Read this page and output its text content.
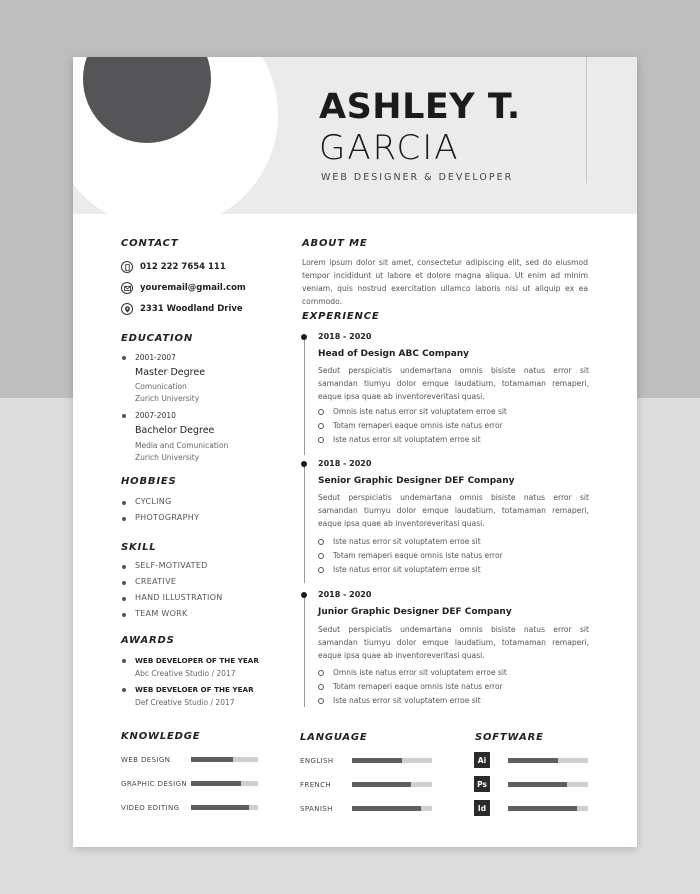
ASHLEY T.
GARCIA
WEB DESIGNER & DEVELOPER
CONTACT
012 222 7654 111
youremail@gmail.com
2331 Woodland Drive
EDUCATION
2001-2007
Master Degree
Comunication
Zurich University
2007-2010
Bachelor Degree
Media and Comunication
Zurich University
HOBBIES
CYCLING
PHOTOGRAPHY
SKILL
SELF-MOTIVATED
CREATIVE
HAND ILLUSTRATION
TEAM WORK
AWARDS
WEB DEVELOPER OF THE YEAR
Abc Creative Studio / 2017
WEB DEVELOER OF THE YEAR
Def Creative Studio / 2017
ABOUT ME
Lorem ipsum dolor sit amet, consectetur adipiscing elit, sed do eiusmod tempor incididunt ut labore et dolore magna aliqua. Ut enim ad minim veniam, quis nostrud exercitation ullamco laboris nisi ut aliquip ex ea commodo.
EXPERIENCE
2018 - 2020
Head of Design ABC Company
Sedut perspiciatis undemartana omnis bisiste natus error sit samandan tiumyu dolor emque laudatium, totamaman remaperi, eaque ipsa quae ab inventoreveritasi quasi.
Omnis iste natus error sit voluptatem erroe sit
Totam remaperi eaque omnis iste natus error
Iste natus error sit voluptatem erroe sit
2018 - 2020
Senior Graphic Designer DEF Company
Sedut perspiciatis undemartana omnis bisiste natus error sit samandan tiumyu dolor emque laudatium, totamaman remaperi, eaque ipsa quae ab inventoreveritasi quasi.
Iste natus error sit voluptatem erroe sit
Totam remaperi eaque omnis iste natus error
Iste natus error sit voluptatem erroe sit
2018 - 2020
Junior Graphic Designer DEF Company
Sedut perspiciatis undemartana omnis bisiste natus error sit samandan tiumyu dolor emque laudatium, totamaman remaperi, eaque ipsa quae ab inventoreveritasi quasi.
Omnis iste natus error sit voluptatem erroe sit
Totam remaperi eaque omnis iste natus error
Iste natus error sit voluptatem erroe sit
KNOWLEDGE
WEB DESIGN
GRAPHIC DESIGN
VIDEO EDITING
LANGUAGE
ENGLISH
FRENCH
SPANISH
SOFTWARE
Ai
Ps
Id
